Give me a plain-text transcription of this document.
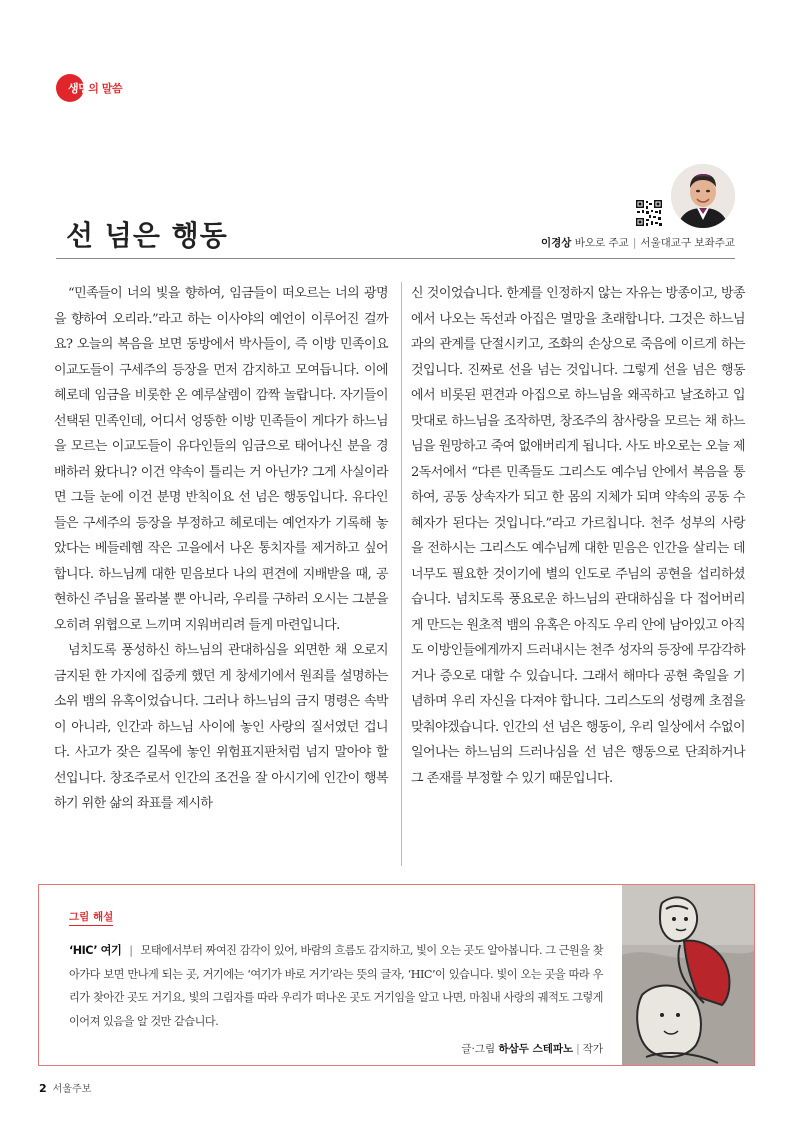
생명의 말씀
선 넘은 행동	이경상 바오로 주교 | 서울대교구 보좌주교

“민족들이 너의 빛을 향하여, 임금들이 떠오르는 너의 광명을 향하여 오리라.”라고 하는 이사야의 예언이 이루어진 걸까요? 오늘의 복음을 보면 동방에서 박사들이, 즉 이방 민족이요 이교도들이 구세주의 등장을 먼저 감지하고 모여듭니다. 이에 헤로데 임금을 비롯한 온 예루살렘이 깜짝 놀랍니다. 자기들이 선택된 민족인데, 어디서 엉뚱한 이방 민족들이 게다가 하느님을 모르는 이교도들이 유다인들의 임금으로 태어나신 분을 경배하러 왔다니? 이건 약속이 틀리는 거 아닌가? 그게 사실이라면 그들 눈에 이건 분명 반칙이요 선 넘은 행동입니다. 유다인들은 구세주의 등장을 부정하고 헤로데는 예언자가 기록해 놓았다는 베들레헴 작은 고을에서 나온 통치자를 제거하고 싶어 합니다. 하느님께 대한 믿음보다 나의 편견에 지배받을 때, 공현하신 주님을 몰라볼 뿐 아니라, 우리를 구하러 오시는 그분을 오히려 위협으로 느끼며 지워버리려 들게 마련입니다.

넘치도록 풍성하신 하느님의 관대하심을 외면한 채 오로지 금지된 한 가지에 집중케 했던 게 창세기에서 원죄를 설명하는 소위 뱀의 유혹이었습니다. 그러나 하느님의 금지 명령은 속박이 아니라, 인간과 하느님 사이에 놓인 사랑의 질서였던 겁니다. 사고가 잦은 길목에 놓인 위험표지판처럼 넘지 말아야 할 선입니다. 창조주로서 인간의 조건을 잘 아시기에 인간이 행복하기 위한 삶의 좌표를 제시하

신 것이었습니다. 한계를 인정하지 않는 자유는 방종이고, 방종에서 나오는 독선과 아집은 멸망을 초래합니다. 그것은 하느님과의 관계를 단절시키고, 조화의 손상으로 죽음에 이르게 하는 것입니다. 진짜로 선을 넘는 것입니다. 그렇게 선을 넘은 행동에서 비롯된 편견과 아집으로 하느님을 왜곡하고 날조하고 입맛대로 하느님을 조작하면, 창조주의 참사랑을 모르는 채 하느님을 원망하고 죽여 없애버리게 됩니다. 사도 바오로는 오늘 제2독서에서 “다른 민족들도 그리스도 예수님 안에서 복음을 통하여, 공동 상속자가 되고 한 몸의 지체가 되며 약속의 공동 수혜자가 된다는 것입니다.”라고 가르칩니다. 천주 성부의 사랑을 전하시는 그리스도 예수님께 대한 믿음은 인간을 살리는 데 너무도 필요한 것이기에 별의 인도로 주님의 공현을 섭리하셨습니다. 넘치도록 풍요로운 하느님의 관대하심을 다 접어버리게 만드는 원초적 뱀의 유혹은 아직도 우리 안에 남아있고 아직도 이방인들에게까지 드러내시는 천주 성자의 등장에 무감각하거나 증오로 대할 수 있습니다. 그래서 해마다 공현 축일을 기념하며 우리 자신을 다져야 합니다. 그리스도의 성령께 초점을 맞춰야겠습니다. 인간의 선 넘은 행동이, 우리 일상에서 수없이 일어나는 하느님의 드러나심을 선 넘은 행동으로 단죄하거나 그 존재를 부정할 수 있기 때문입니다.

그림 해설
‘HIC’ 여기 | 모태에서부터 짜여진 감각이 있어, 바람의 흐름도 감지하고, 빛이 오는 곳도 알아봅니다. 그 근원을 찾아가다 보면 만나게 되는 곳, 거기에는 ‘여기가 바로 거기’라는 뜻의 글자, ‘HIC’이 있습니다. 빛이 오는 곳을 따라 우리가 찾아간 곳도 거기요, 빛의 그림자를 따라 우리가 떠나온 곳도 거기임을 알고 나면, 마침내 사랑의 궤적도 그렇게 이어져 있음을 알 것만 같습니다.
글·그림 하삼두 스테파노 | 작가
2 서울주보
